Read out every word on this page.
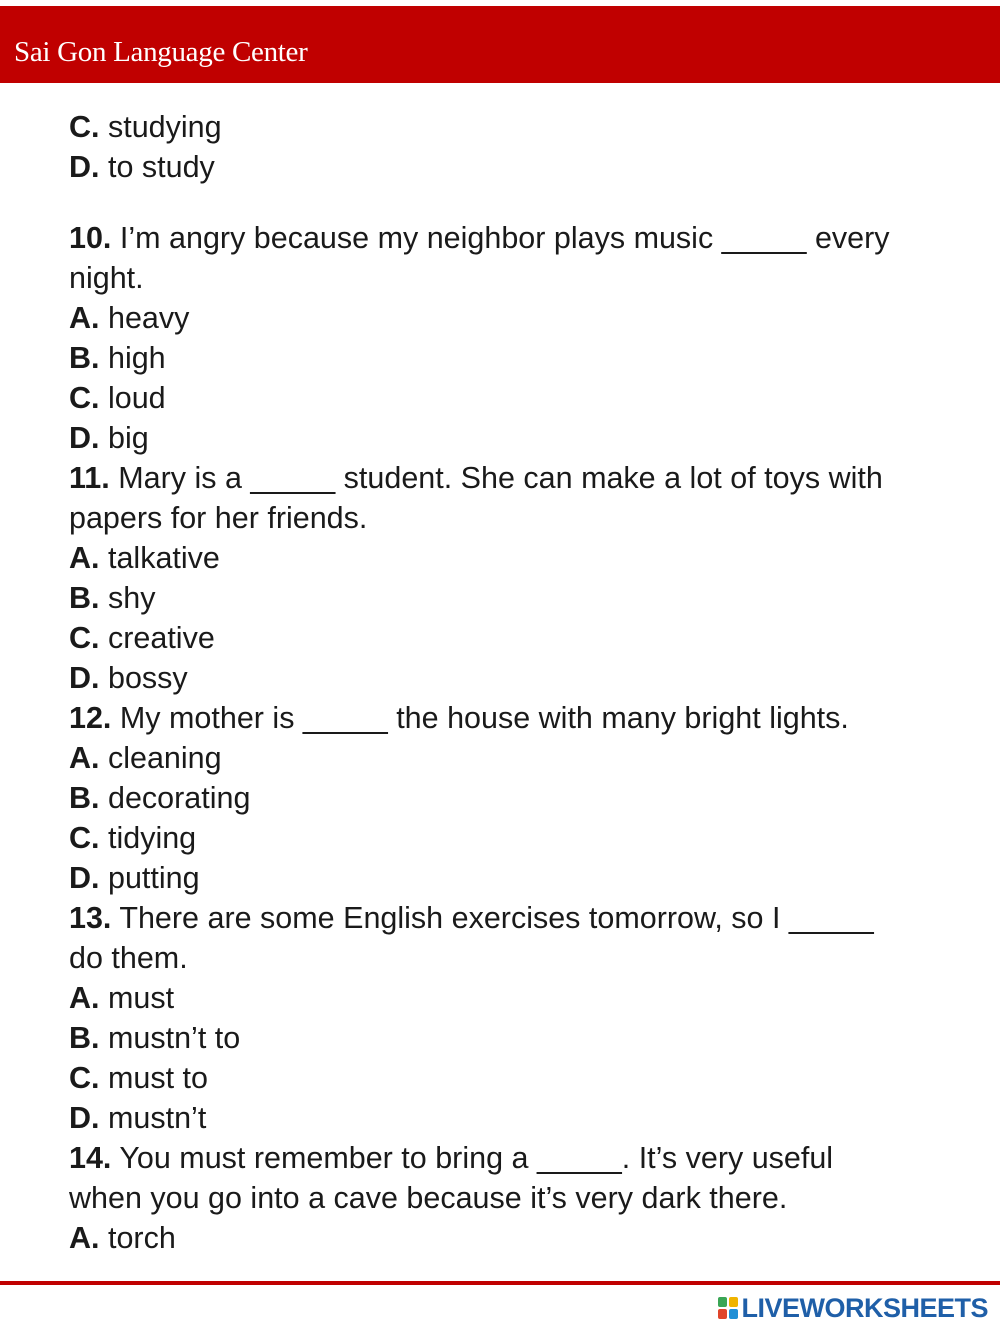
Sai Gon Language Center
C. studying
D. to study
10. I’m angry because my neighbor plays music _____ every
night.
A. heavy
B. high
C. loud
D. big
11. Mary is a _____ student. She can make a lot of toys with
papers for her friends.
A. talkative
B. shy
C. creative
D. bossy
12. My mother is _____ the house with many bright lights.
A. cleaning
B. decorating
C. tidying
D. putting
13. There are some English exercises tomorrow, so I _____
do them.
A. must
B. mustn’t to
C. must to
D. mustn’t
14. You must remember to bring a _____. It’s very useful
when you go into a cave because it’s very dark there.
A. torch
LIVEWORKSHEETS
